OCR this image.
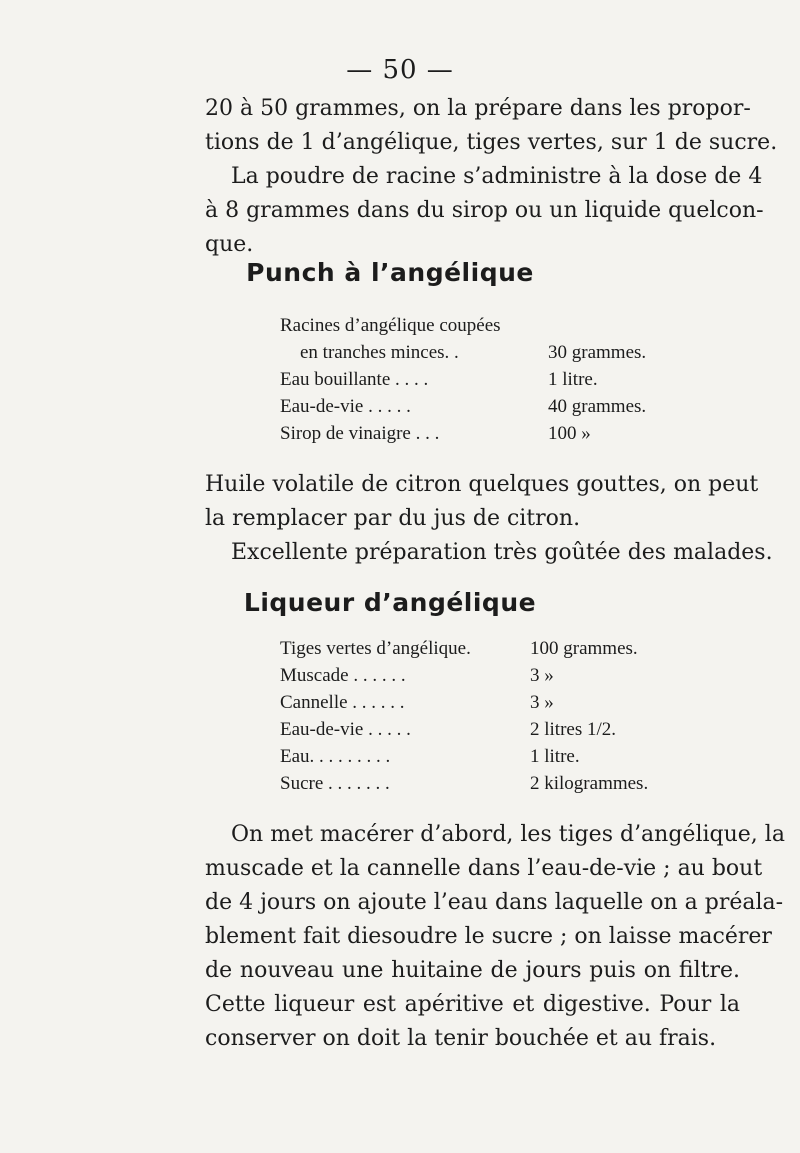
— 50 —
20 à 50 grammes, on la prépare dans les propor-
tions de 1 d’angélique, tiges vertes, sur 1 de sucre.
La poudre de racine s’administre à la dose de 4
à 8 grammes dans du sirop ou un liquide quelcon-
que.
Punch à l’angélique
Racines d’angélique coupées
en tranches minces. .	30 grammes.
Eau bouillante . . . .	1 litre.
Eau-de-vie . . . . .	40 grammes.
Sirop de vinaigre . . .	100 »
Huile volatile de citron quelques gouttes, on peut
la remplacer par du jus de citron.
Excellente préparation très goûtée des malades.
Liqueur d’angélique
Tiges vertes d’angélique.	100 grammes.
Muscade . . . . . .	3 »
Cannelle . . . . . .	3 »
Eau-de-vie . . . . .	2 litres 1/2.
Eau. . . . . . . . .	1 litre.
Sucre . . . . . . .	2 kilogrammes.
On met macérer d’abord, les tiges d’angélique, la
muscade et la cannelle dans l’eau-de-vie ; au bout
de 4 jours on ajoute l’eau dans laquelle on a préala-
blement fait diesoudre le sucre ; on laisse macérer
de nouveau une huitaine de jours puis on filtre.
Cette liqueur est apéritive et digestive. Pour la
conserver on doit la tenir bouchée et au frais.
